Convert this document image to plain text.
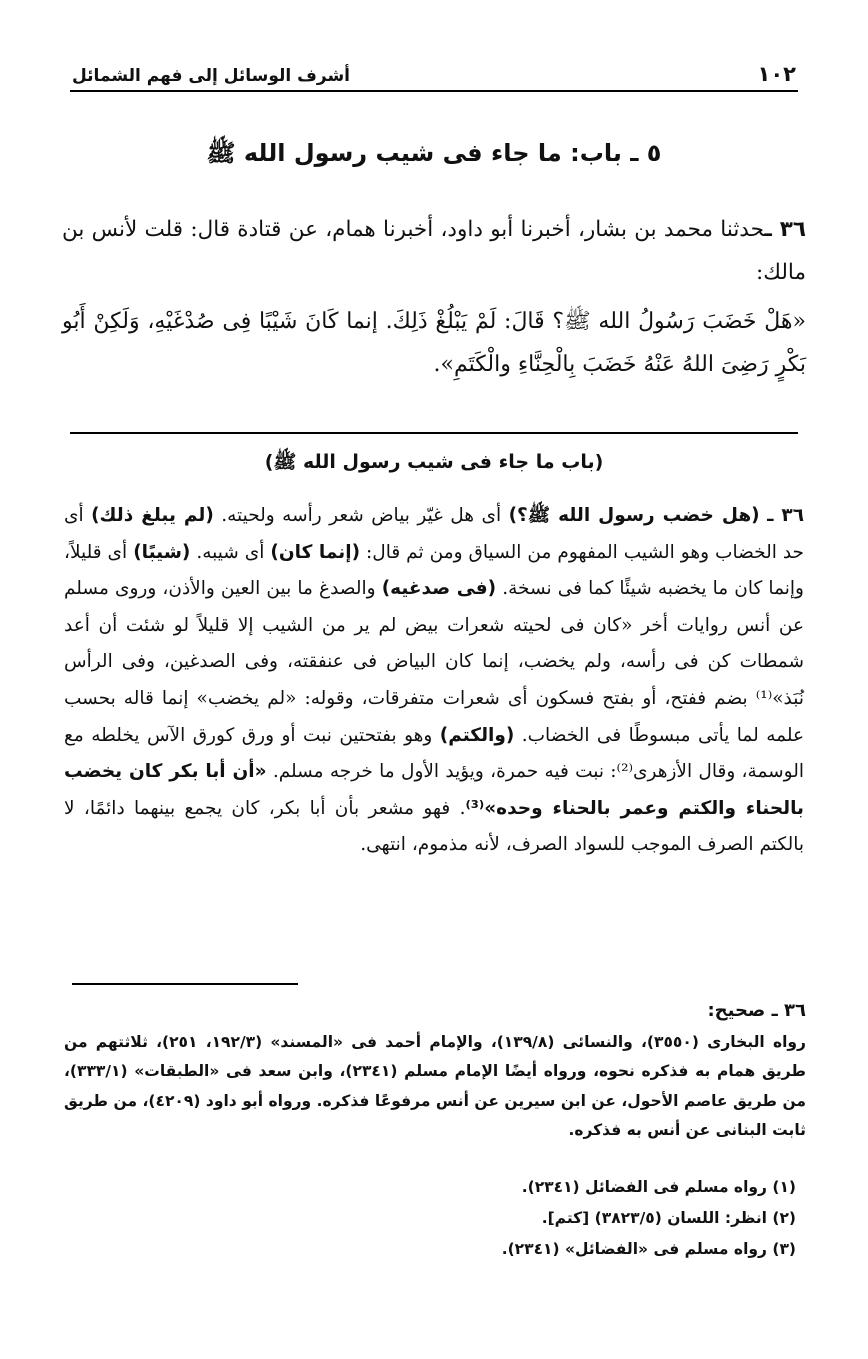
١٠٢
أشرف الوسائل إلى فهم الشمائل
٥ ـ باب: ما جاء فى شيب رسول الله ﷺ

٣٦ ـحدثنا محمد بن بشار، أخبرنا أبو داود، أخبرنا همام، عن قتادة قال: قلت لأنس بن مالك:
«هَلْ خَضَبَ رَسُولُ الله ﷺ؟ قَالَ: لَمْ يَبْلُغْ ذَلِكَ. إنما كَانَ شَيْبًا فِى صُدْغَيْهِ، وَلَكِنْ أَبُو بَكْرٍ رَضِىَ اللهُ عَنْهُ خَضَبَ بِالْحِنَّاءِ والْكَتَمِ».

(باب ما جاء فى شيب رسول الله ﷺ)

٣٦ ـ (هل خضب رسول الله ﷺ؟) أى هل غيّر بياض شعر رأسه ولحيته. (لم يبلغ ذلك) أى حد الخضاب وهو الشيب المفهوم من السياق ومن ثم قال: (إنما كان) أى شيبه. (شيبًا) أى قليلاً، وإنما كان ما يخضبه شيئًا كما فى نسخة. (فى صدغيه) والصدغ ما بين العين والأذن، وروى مسلم عن أنس روايات أخر «كان فى لحيته شعرات بيض لم ير من الشيب إلا قليلاً لو شئت أن أعد شمطات كن فى رأسه، ولم يخضب، إنما كان البياض فى عنفقته، وفى الصدغين، وفى الرأس نُبَذ»⁽¹⁾ بضم ففتح، أو بفتح فسكون أى شعرات متفرقات، وقوله: «لم يخضب» إنما قاله بحسب علمه لما يأتى مبسوطًا فى الخضاب. (والكتم) وهو بفتحتين نبت أو ورق كورق الآس يخلطه مع الوسمة، وقال الأزهرى⁽²⁾: نبت فيه حمرة، ويؤيد الأول ما خرجه مسلم. «أن أبا بكر كان يخضب بالحناء والكتم وعمر بالحناء وحده»⁽³⁾. فهو مشعر بأن أبا بكر، كان يجمع بينهما دائمًا، لا بالكتم الصرف الموجب للسواد الصرف، لأنه مذموم، انتهى.

٣٦ ـ صحيح:

رواه البخارى (٣٥٥٠)، والنسائى (١٣٩/٨)، والإمام أحمد فى «المسند» (١٩٢/٣، ٢٥١)، ثلاثتهم من طريق همام به فذكره نحوه، ورواه أيضًا الإمام مسلم (٢٣٤١)، وابن سعد فى «الطبقات» (٣٣٣/١)، من طريق عاصم الأحول، عن ابن سيرين عن أنس مرفوعًا فذكره. ورواه أبو داود (٤٢٠٩)، من طريق ثابت البنانى عن أنس به فذكره.

(١) رواه مسلم فى الفضائل (٢٣٤١).
(٢) انظر: اللسان (٣٨٢٣/٥) [كتم].
(٣) رواه مسلم فى «الفضائل» (٢٣٤١).
